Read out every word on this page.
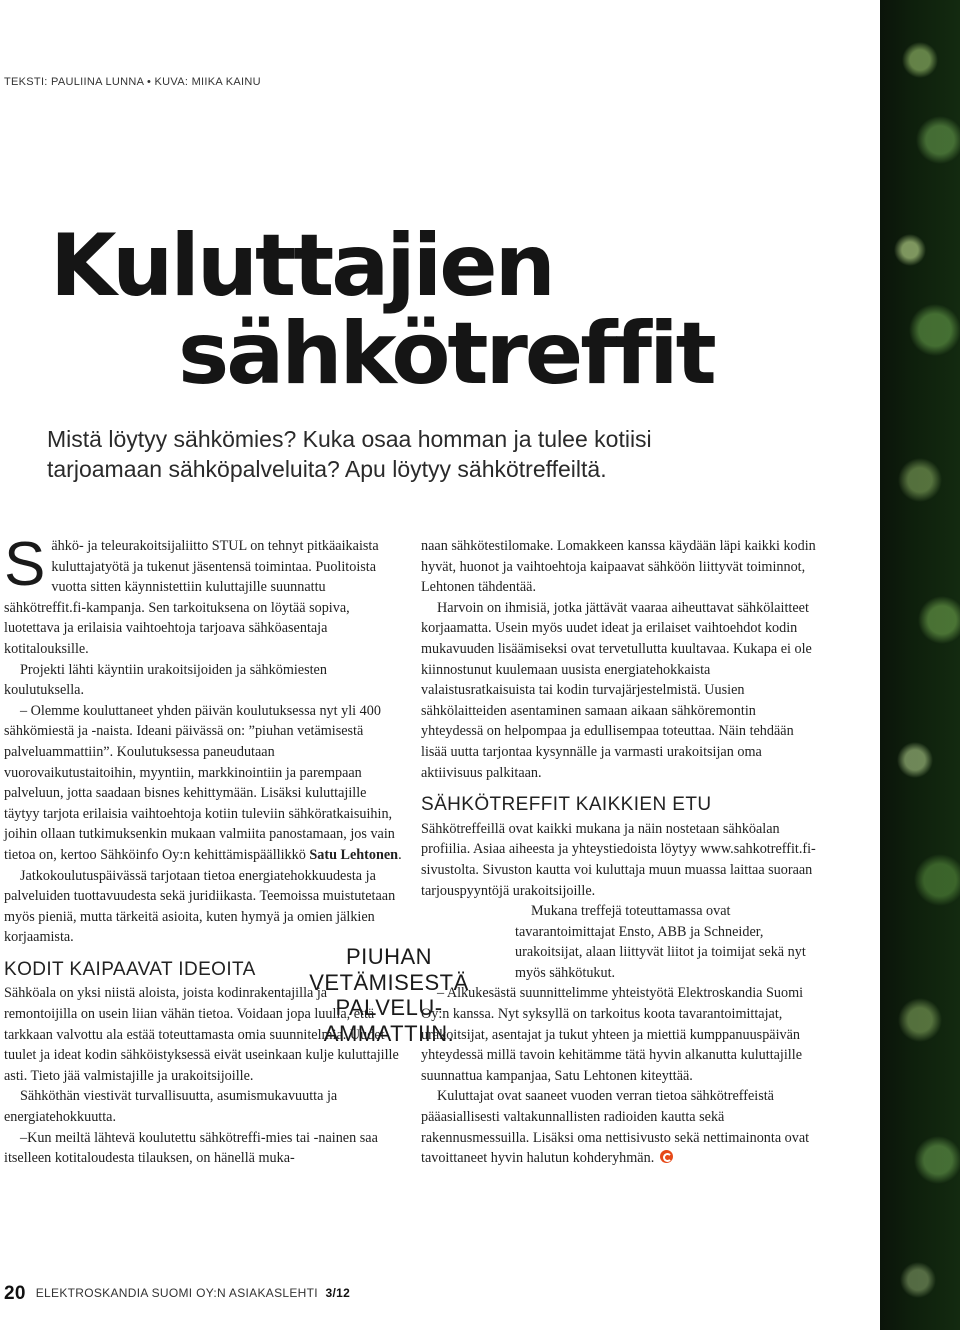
TEKSTI: PAULIINA LUNNA • KUVA: MIIKA KAINU
Kuluttajien
sähkötreffit
Mistä löytyy sähkömies? Kuka osaa homman ja tulee kotiisi
tarjoamaan sähköpalveluita? Apu löytyy sähkötreffeiltä.

Sähkö- ja teleurakoitsijaliitto STUL on tehnyt pitkäaikaista kuluttajatyötä ja tukenut jäsentensä toimintaa. Puolitoista vuotta sitten käynnistettiin kuluttajille suunnattu sähkötreffit.fi-kampanja. Sen tarkoituksena on löytää sopiva, luotettava ja erilaisia vaihtoehtoja tarjoava sähköasentaja kotitalouksille.

Projekti lähti käyntiin urakoitsijoiden ja sähkömiesten koulutuksella.

– Olemme kouluttaneet yhden päivän koulutuksessa nyt yli 400 sähkömiestä ja -naista. Ideani päivässä on: ”piuhan vetämisestä palveluammattiin”. Koulutuksessa paneudutaan vuorovaikutustaitoihin, myyntiin, markkinointiin ja parempaan palveluun, jotta saadaan bisnes kehittymään. Lisäksi kuluttajille täytyy tarjota erilaisia vaihtoehtoja kotiin tuleviin sähköratkaisuihin, joihin ollaan tutkimuksenkin mukaan valmiita panostamaan, jos vain tietoa on, kertoo Sähköinfo Oy:n kehittämispäällikkö Satu Lehtonen.

Jatkokoulutuspäivässä tarjotaan tietoa energiatehokkuudesta ja palveluiden tuottavuudesta sekä juridiikasta. Teemoissa muistutetaan myös pieniä, mutta tärkeitä asioita, kuten hymyä ja omien jälkien korjaamista.

KODIT KAIPAAVAT IDEOITA

Sähköala on yksi niistä aloista, joista kodinrakentajilla ja remontoijilla on usein liian vähän tietoa. Voidaan jopa luulla, että tarkkaan valvottu ala estää toteuttamasta omia suunnitelmia. Uudet tuulet ja ideat kodin sähköistyksessä eivät useinkaan kulje kuluttajille asti. Tieto jää valmistajille ja urakoitsijoille.

Sähköthän viestivät turvallisuutta, asumismukavuutta ja energiatehokkuutta.

–Kun meiltä lähtevä koulutettu sähkötreffi-mies tai -nainen saa itselleen kotitaloudesta tilauksen, on hänellä muka-

naan sähkötestilomake. Lomakkeen kanssa käydään läpi kaikki kodin hyvät, huonot ja vaihtoehtoja kaipaavat sähköön liittyvät toiminnot, Lehtonen tähdentää.

Harvoin on ihmisiä, jotka jättävät vaaraa aiheuttavat sähkölaitteet korjaamatta. Usein myös uudet ideat ja erilaiset vaihtoehdot kodin mukavuuden lisäämiseksi ovat tervetullutta kuultavaa. Kukapa ei ole kiinnostunut kuulemaan uusista energiatehokkaista valaistusratkaisuista tai kodin turvajärjestelmistä. Uusien sähkölaitteiden asentaminen samaan aikaan sähköremontin yhteydessä on helpompaa ja edullisempaa toteuttaa. Näin tehdään lisää uutta tarjontaa kysynnälle ja varmasti urakoitsijan oma aktiivisuus palkitaan.

SÄHKÖTREFFIT KAIKKIEN ETU

Sähkötreffeillä ovat kaikki mukana ja näin nostetaan sähköalan profiilia. Asiaa aiheesta ja yhteystiedoista löytyy www.sahkotreffit.fi-sivustolta. Sivuston kautta voi kuluttaja muun muassa laittaa suoraan tarjouspyyntöjä urakoitsijoille.

Mukana treffejä toteuttamassa ovat tavarantoimittajat Ensto, ABB ja Schneider, urakoitsijat, alaan liittyvät liitot ja toimijat sekä nyt myös sähkötukut.

– Alkukesästä suunnittelimme yhteistyötä Elektroskandia Suomi Oy:n kanssa. Nyt syksyllä on tarkoitus koota tavarantoimittajat, urakoitsijat, asentajat ja tukut yhteen ja miettiä kumppanuuspäivän yhteydessä millä tavoin kehitämme tätä hyvin alkanutta kuluttajille suunnattua kampanjaa, Satu Lehtonen kiteyttää.

Kuluttajat ovat saaneet vuoden verran tietoa sähkötreffeistä pääasiallisesti valtakunnallisten radioiden kautta sekä rakennusmessuilla. Lisäksi oma nettisivusto sekä nettimainonta ovat tavoittaneet hyvin halutun kohderyhmän.

PIUHAN
VETÄMISESTÄ
PALVELU-
AMMATTIIN.
20 ELEKTROSKANDIA SUOMI OY:N ASIAKASLEHTI 3/12
